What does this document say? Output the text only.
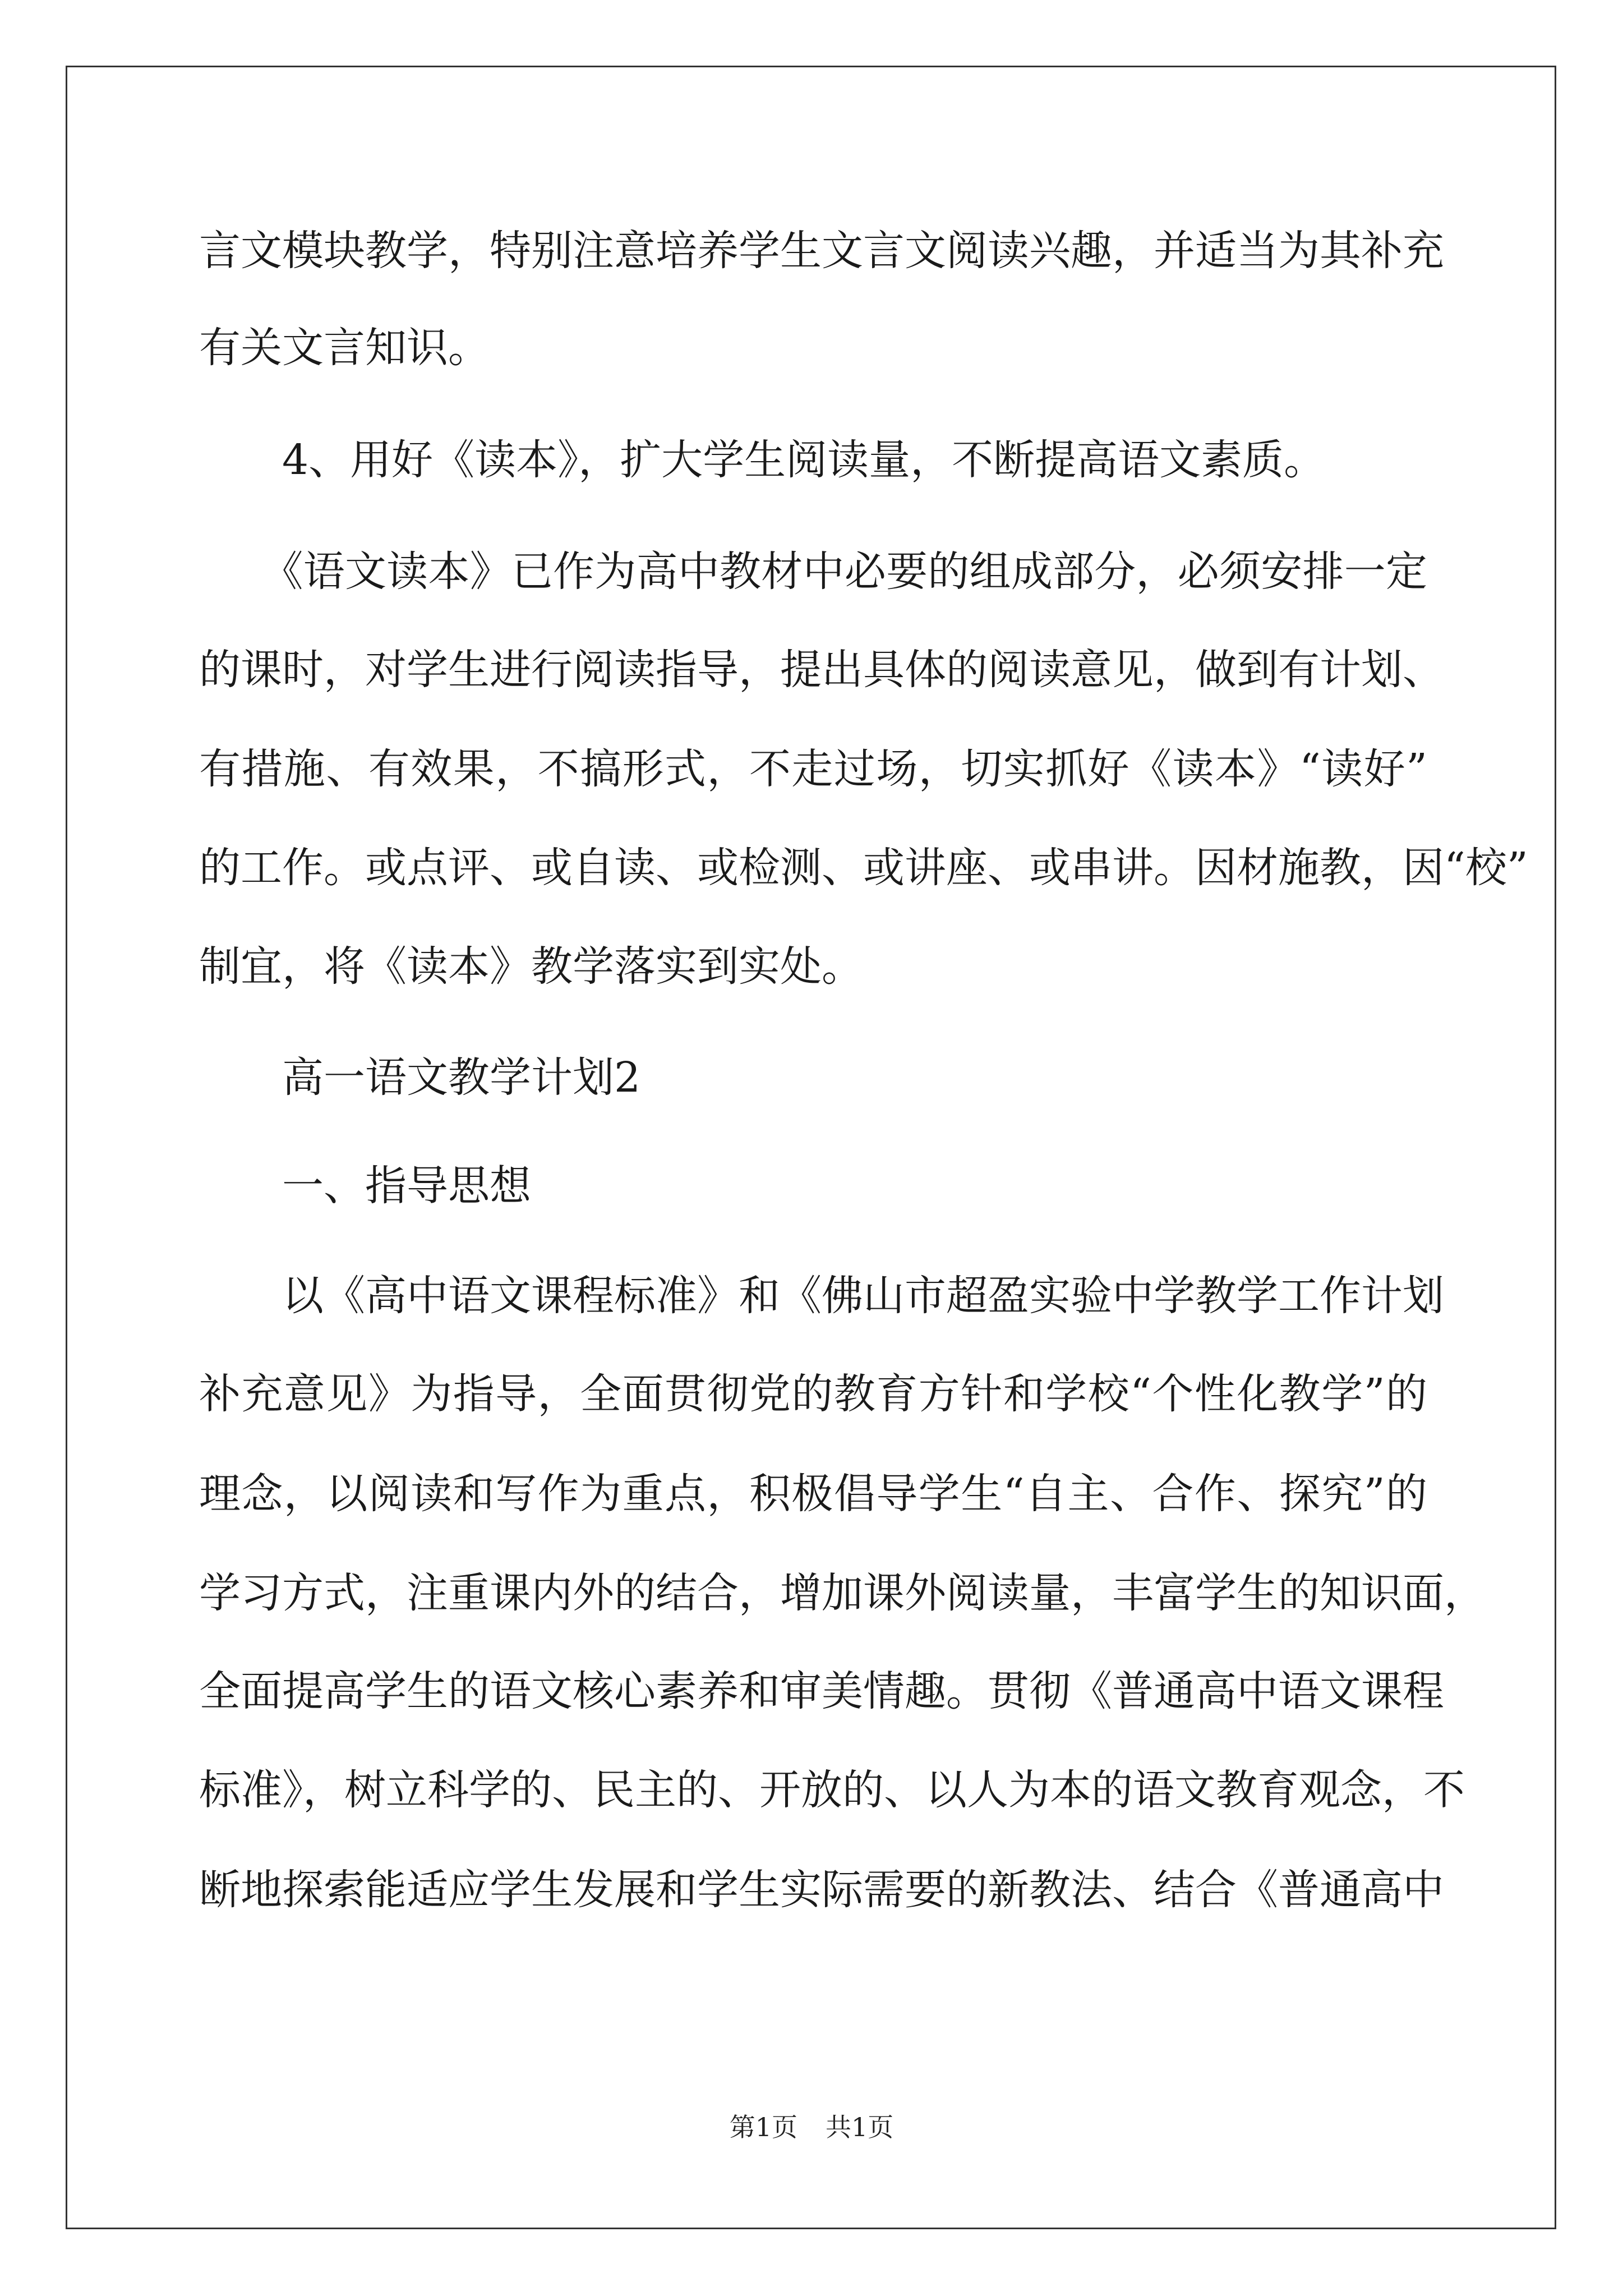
言文模块教学，特别注意培养学生文言文阅读兴趣，并适当为其补充
有关文言知识。
　　4、用好《读本》，扩大学生阅读量，不断提高语文素质。
　　《语文读本》已作为高中教材中必要的组成部分，必须安排一定
的课时，对学生进行阅读指导，提出具体的阅读意见，做到有计划、
有措施、有效果，不搞形式，不走过场，切实抓好《读本》“读好”
的工作。或点评、或自读、或检测、或讲座、或串讲。因材施教，因“校”
制宜，将《读本》教学落实到实处。
　　高一语文教学计划2
　　一、指导思想
　　以《高中语文课程标准》和《佛山市超盈实验中学教学工作计划
补充意见》为指导，全面贯彻党的教育方针和学校“个性化教学”的
理念，以阅读和写作为重点，积极倡导学生“自主、合作、探究”的
学习方式，注重课内外的结合，增加课外阅读量，丰富学生的知识面，
全面提高学生的语文核心素养和审美情趣。贯彻《普通高中语文课程
标准》，树立科学的、民主的、开放的、以人为本的语文教育观念，不
断地探索能适应学生发展和学生实际需要的新教法、结合《普通高中
第1页 共1页
